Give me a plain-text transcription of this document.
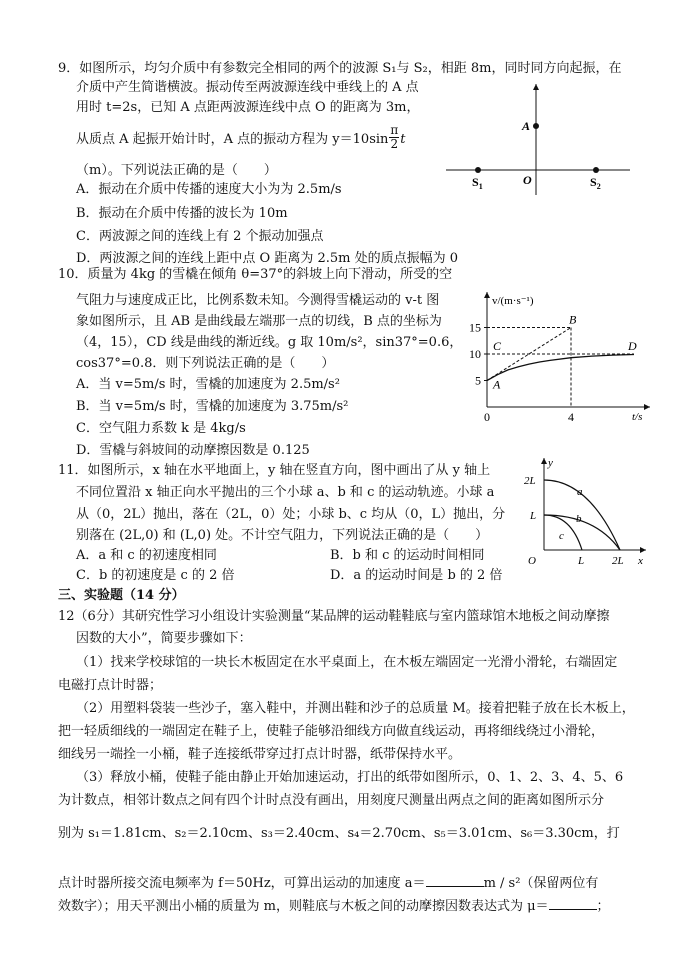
9．如图所示，均匀介质中有参数完全相同的两个的波源 S₁与 S₂，相距 8m，同时同方向起振，在
介质中产生简谐横波。振动传至两波源连线中垂线上的 A 点
用时 t=2s，已知 A 点距两波源连线中点 O 的距离为 3m，
从质点 A 起振开始计时，A 点的振动方程为 $y=10\sin \frac{\pi}{2}$ t
（m）。下列说法正确的是（　　）
A．振动在介质中传播的速度大小为为 2.5m/s
B．振动在介质中传播的波长为 10m
C．两波源之间的连线上有 2 个振动加强点
D．两波源之间的连线上距中点 O 距离为 2.5m 处的质点振幅为 0
A
O
$S_1$	$S_2$
10．质量为 4kg 的雪橇在倾角 θ=37°的斜坡上向下滑动，所受的空
气阻力与速度成正比，比例系数未知。今测得雪橇运动的 v-t 图
象如图所示，且 AB 是曲线最左端那一点的切线，B 点的坐标为
（4，15），CD 线是曲线的渐近线。g 取 10m/s²，sin37°=0.6，
cos37°=0.8．则下列说法正确的是（　　）
A．当 v=5m/s 时，雪橇的加速度为 2.5m/s²
B．当 v=5m/s 时，雪橇的加速度为 3.75m/s²
C．空气阻力系数 k 是 4kg/s
D．雪橇与斜坡间的动摩擦因数是 0.125
5
10
15
0	4
A
B
C	D
v/(m·s⁻¹)
t/s
11．如图所示，x 轴在水平地面上，y 轴在竖直方向，图中画出了从 y 轴上
不同位置沿 x 轴正向水平抛出的三个小球 a、b 和 c 的运动轨迹。小球 a
从（0，2L）抛出，落在（2L，0）处；小球 b、c 均从（0，L）抛出，分
别落在 (2L,0) 和 (L,0) 处。不计空气阻力，下列说法正确的是（　　）
A．a 和 c 的初速度相同	B．b 和 c 的运动时间相同
C．b 的初速度是 c 的 2 倍	D．a 的运动时间是 b 的 2 倍
y
x
O
2L
L
L	2L
a
b
c
三、实验题（14 分）
12（6分）其研究性学习小组设计实验测量“某品牌的运动鞋鞋底与室内篮球馆木地板之间动摩擦
因数的大小”，简要步骤如下：
（1）找来学校球馆的一块长木板固定在水平桌面上，在木板左端固定一光滑小滑轮，右端固定
电磁打点计时器；
（2）用塑料袋装一些沙子，塞入鞋中，并测出鞋和沙子的总质量 M。接着把鞋子放在长木板上，
把一轻质细线的一端固定在鞋子上，使鞋子能够沿细线方向做直线运动，再将细线绕过小滑轮，
细线另一端拴一小桶，鞋子连接纸带穿过打点计时器，纸带保持水平。
（3）释放小桶，使鞋子能由静止开始加速运动，打出的纸带如图所示，0、1、2、3、4、5、6
为计数点，相邻计数点之间有四个计时点没有画出，用刻度尺测量出两点之间的距离如图所示分
别为 s₁＝1.81cm、s₂＝2.10cm、s₃＝2.40cm、s₄＝2.70cm、s₅＝3.01cm、s₆＝3.30cm，打
点计时器所接交流电频率为 f＝50Hz，可算出运动的加速度 a＝	m / s²（保留两位有
效数字）；用天平测出小桶的质量为 m，则鞋底与木板之间的动摩擦因数表达式为 μ＝	；
